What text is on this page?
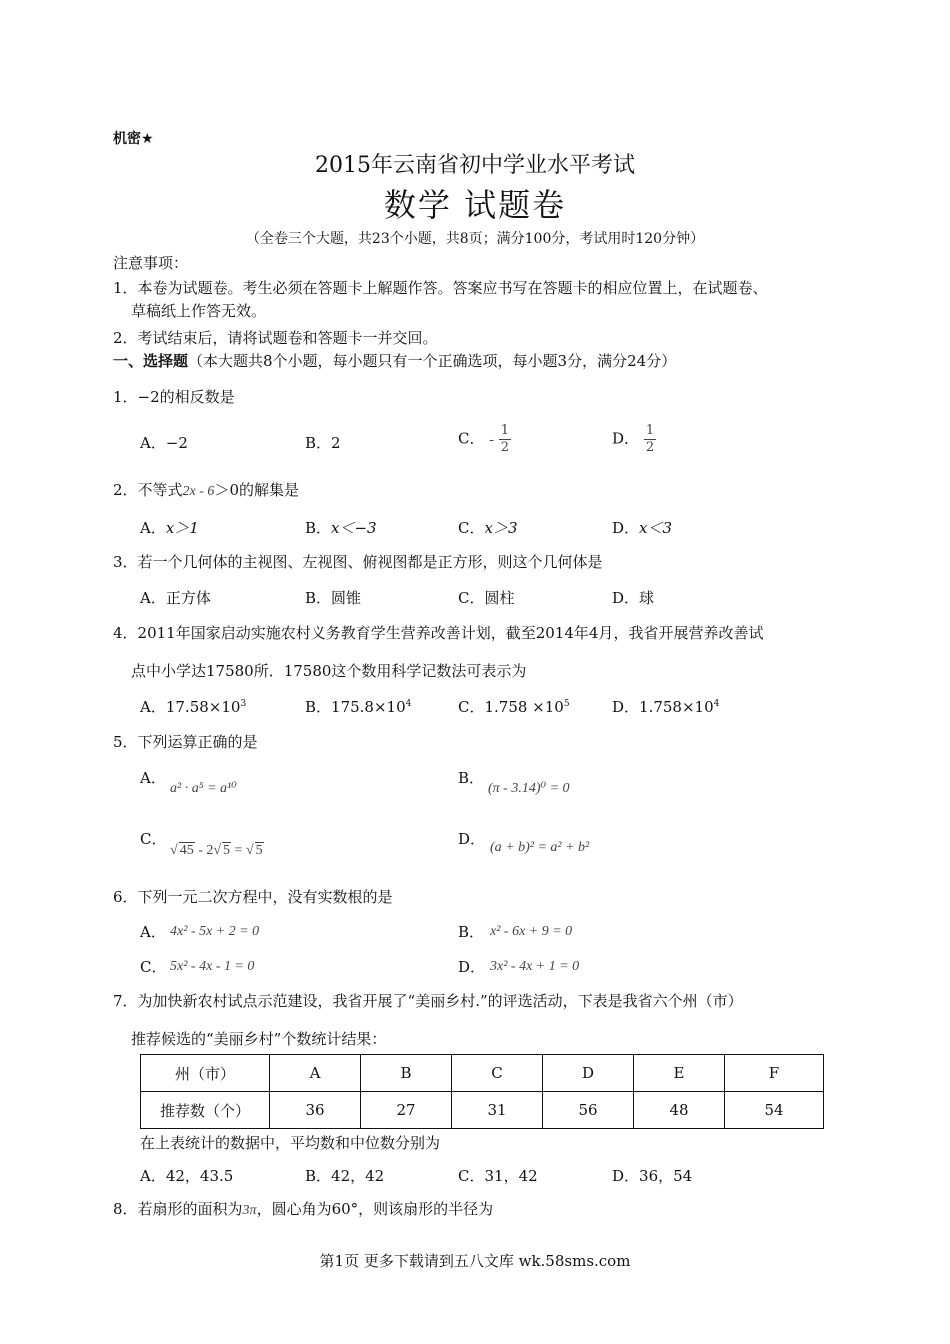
机密★
2015年云南省初中学业水平考试
数学 试题卷
（全卷三个大题，共23个小题，共8页；满分100分，考试用时120分钟）
注意事项：
1．本卷为试题卷。考生必须在答题卡上解题作答。答案应书写在答题卡的相应位置上，在试题卷、
草稿纸上作答无效。
2．考试结束后，请将试题卷和答题卡一并交回。
一、选择题（本大题共8个小题，每小题只有一个正确选项，每小题3分，满分24分）
1．−2的相反数是
A．−2	B．2	C． - $\frac{1}{2}$	D． $\frac{1}{2}$
2．不等式2x - 6＞0的解集是
A．x＞1	B．x＜−3	C．x＞3	D．x＜3
3．若一个几何体的主视图、左视图、俯视图都是正方形，则这个几何体是
A．正方体	B．圆锥	C．圆柱	D．球
4．2011年国家启动实施农村义务教育学生营养改善计划，截至2014年4月，我省开展营养改善试
点中小学达17580所．17580这个数用科学记数法可表示为
A．$17.58\times 10^3$	B．$175.8\times 10^4$	C．$1.758 \times 10^5$	D．$1.758\times 10^4$
5．下列运算正确的是
A．
a² · a⁵ = a¹⁰
B．
(π - 3.14)⁰ = 0
C．
√ 45 - 2√ 5 = √ 5
D． (a + b)² = a² + b²
6．下列一元二次方程中，没有实数根的是
A． 4x² - 5x + 2 = 0	B． x² - 6x + 9 = 0
C． 5x² - 4x - 1 = 0	D． 3x² - 4x + 1 = 0
7．为加快新农村试点示范建设，我省开展了“美丽乡村.”的评选活动，下表是我省六个州（市）
推荐候选的“美丽乡村”个数统计结果：
州（市）	A	B	C	D	E	F
推荐数（个）	36	27	31	56	48	54
在上表统计的数据中，平均数和中位数分别为
A．42，43.5	B．42，42	C．31，42	D．36，54
8．若扇形的面积为3π，圆心角为60°，则该扇形的半径为
第1页 更多下载请到五八文库 wk.58sms.com
